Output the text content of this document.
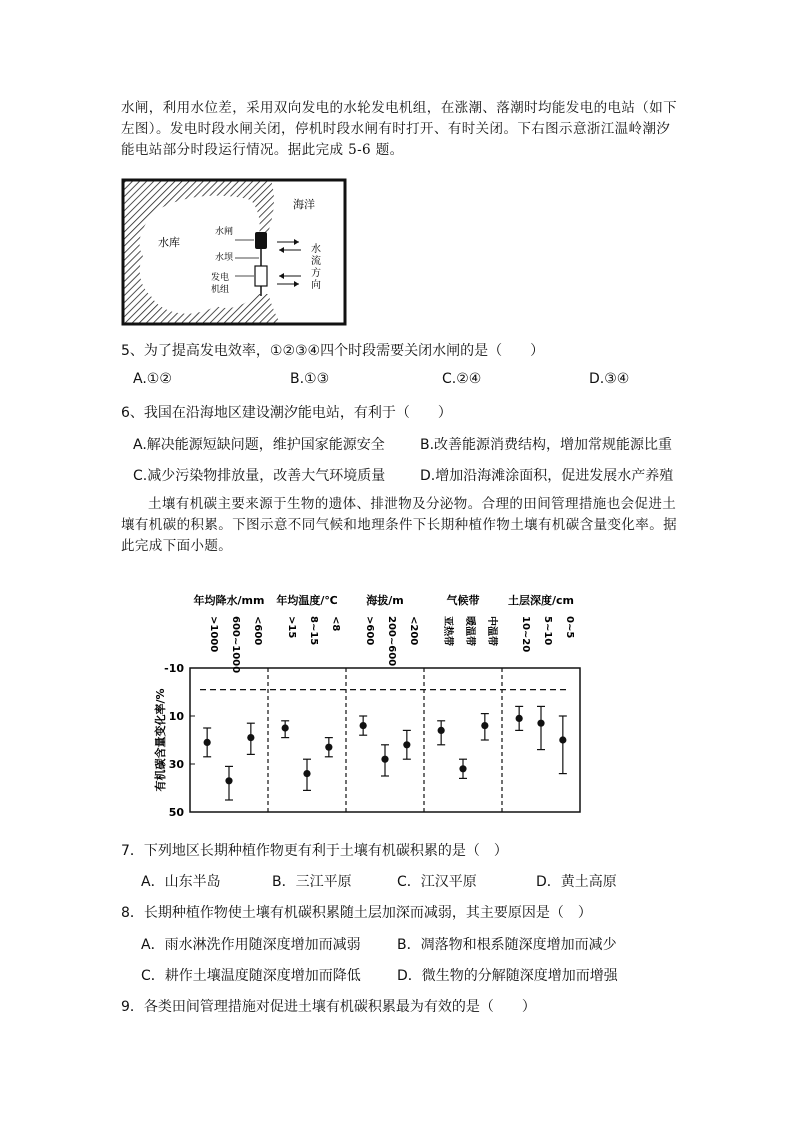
水闸，利用水位差，采用双向发电的水轮发电机组，在涨潮、落潮时均能发电的电站（如下左图）。发电时段水闸关闭，停机时段水闸有时打开、有时关闭。下右图示意浙江温岭潮汐能电站部分时段运行情况。据此完成 5-6 题。
海洋
水库
水闸
水坝
发电
机组
水
流
方
向
5、为了提高发电效率，①②③④四个时段需要关闭水闸的是（　　）
A.①②	B.①③	C.②④	D.③④
6、我国在沿海地区建设潮汐能电站，有利于（　　）
A.解决能源短缺问题，维护国家能源安全	B.改善能源消费结构，增加常规能源比重
C.减少污染物排放量，改善大气环境质量 D.增加沿海滩涂面积，促进发展水产养殖
土壤有机碳主要来源于生物的遗体、排泄物及分泌物。合理的田间管理措施也会促进土壤有机碳的积累。下图示意不同气候和地理条件下长期种植作物土壤有机碳含量变化率。据此完成下面小题。
-10
10
30
50
有机碳含量变化率/%
年均降水/mm
>1000 600~1000 <600
年均温度/℃
>15 8~15 <8
海拔/m
>600 200~600 <200
气候带
亚热带 暖温带 中温带
土层深度/cm
10~20 5~10 0~5
7．下列地区长期种植作物更有利于土壤有机碳积累的是（　）
A．山东半岛	B．三江平原	C．江汉平原	D．黄土高原
8．长期种植作物使土壤有机碳积累随土层加深而减弱，其主要原因是（　）
A．雨水淋洗作用随深度增加而减弱	B．凋落物和根系随深度增加而减少
C．耕作土壤温度随深度增加而降低	D．微生物的分解随深度增加而增强
9．各类田间管理措施对促进土壤有机碳积累最为有效的是（　　）
